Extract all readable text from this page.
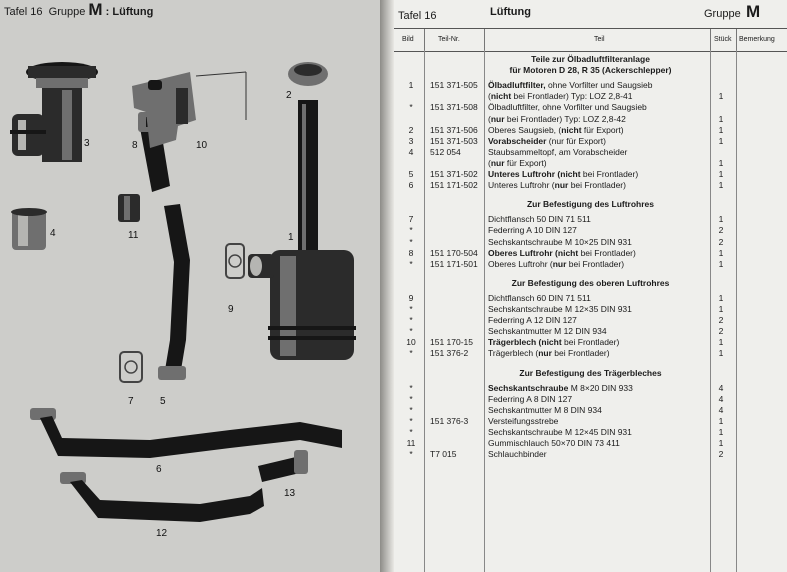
Tafel 16 Gruppe M : Lüftung
3
4
8	10
11
2
1
9
7	5
6
13
12
Tafel 16	Lüftung	Gruppe M
Bild	Teil-Nr.	Teil	Stück Bemerkung
Teile zur Ölbadluftfilteranlage
für Motoren D 28, R 35 (Ackerschlepper)
1	151 371-505 Ölbadluftfilter, ohne Vorfilter und Saugsieb
(nicht bei Frontlader) Typ: LOZ 2,8-41	1
*	151 371-508 Ölbadluftfilter, ohne Vorfilter und Saugsieb
(nur bei Frontlader) Typ: LOZ 2,8-42	1
2	151 371-506 Oberes Saugsieb, (nicht für Export)	1
3	151 371-503 Vorabscheider (nur für Export)	1
4	512 054	Staubsammeltopf, am Vorabscheider
(nur für Export)	1
5	151 371-502 Unteres Luftrohr (nicht bei Frontlader)	1
6	151 171-502 Unteres Luftrohr (nur bei Frontlader)	1
Zur Befestigung des Luftrohres
7	Dichtflansch 50 DIN 71 511	1
*	Federring A 10 DIN 127	2
*	Sechskantschraube M 10×25 DIN 931	2
8	151 170-504 Oberes Luftrohr (nicht bei Frontlader)	1
*	151 171-501 Oberes Luftrohr (nur bei Frontlader)	1
Zur Befestigung des oberen Luftrohres
9	Dichtflansch 60 DIN 71 511	1
*	Sechskantschraube M 12×35 DIN 931	1
*	Federring A 12 DIN 127	2
*	Sechskantmutter M 12 DIN 934	2
10	151 170-15 Trägerblech (nicht bei Frontlader)	1
*	151 376-2 Trägerblech (nur bei Frontlader)	1
Zur Befestigung des Trägerbleches
*	Sechskantschraube M 8×20 DIN 933	4
*	Federring A 8 DIN 127	4
*	Sechskantmutter M 8 DIN 934	4
*	151 376-3 Versteifungsstrebe	1
*	Sechskantschraube M 12×45 DIN 931	1
11	Gummischlauch 50×70 DIN 73 411	1
*	T7 015	Schlauchbinder	2
